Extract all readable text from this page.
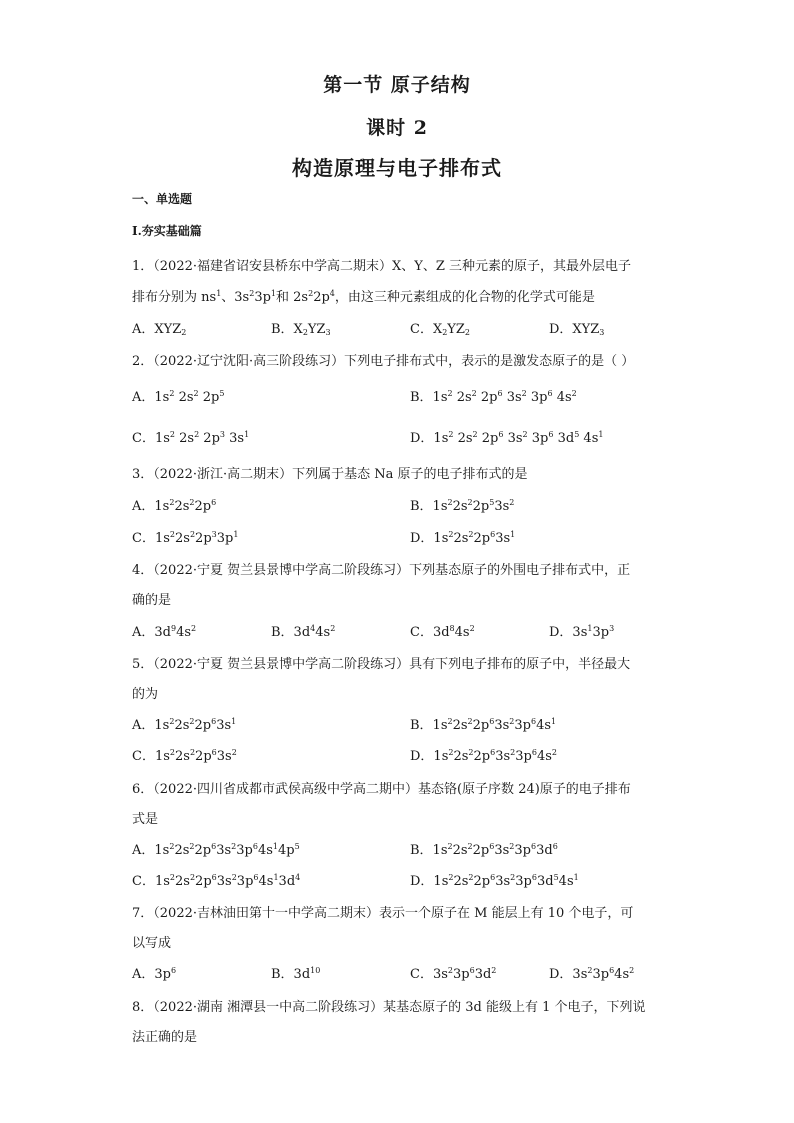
第一节 原子结构
课时 2
构造原理与电子排布式
一、单选题
Ⅰ.夯实基础篇
1．（2022·福建省诏安县桥东中学高二期末）X、Y、Z 三种元素的原子，其最外层电子
排布分别为 $ns^1$、$3s^23p^1$和 $2s^22p^4$，由这三种元素组成的化合物的化学式可能是
A．$XYZ_2$	B．$X_2YZ_3$	C．$X_2YZ_2$	D．$XYZ_3$
2．（2022·辽宁沈阳·高三阶段练习）下列电子排布式中，表示的是激发态原子的是（ ）
A．$1s^2$ $2s^2$ $2p^5$	B．$1s^2$ $2s^2$ $2p^6$ $3s^2$ $3p^6$ $4s^2$
C．$1s^2$ $2s^2$ $2p^3$ $3s^1$	D．$1s^2$ $2s^2$ $2p^6$ $3s^2$ $3p^6$ $3d^5$ $4s^1$
3．（2022·浙江·高二期末）下列属于基态 Na 原子的电子排布式的是
A．$1s^22s^22p^6$	B．$1s^22s^22p^53s^2$
C．$1s^22s^22p^33p^1$	D．$1s^22s^22p^63s^1$
4．（2022·宁夏 贺兰县景博中学高二阶段练习）下列基态原子的外围电子排布式中，正
确的是
A．$3d^94s^2$	B．$3d^44s^2$	C．$3d^84s^2$	D．$3s^13p^3$
5．（2022·宁夏 贺兰县景博中学高二阶段练习）具有下列电子排布的原子中，半径最大
的为
A．$1s^22s^22p^63s^1$	B．$1s^22s^22p^63s^23p^64s^1$
C．$1s^22s^22p^63s^2$	D．$1s^22s^22p^63s^23p^64s^2$
6．（2022·四川省成都市武侯高级中学高二期中）基态铬(原子序数 24)原子的电子排布
式是
A．$1s^22s^22p^63s^23p^64s^14p^5$	B．$1s^22s^22p^63s^23p^63d^6$
C．$1s^22s^22p^63s^23p^64s^13d^4$	D．$1s^22s^22p^63s^23p^63d^54s^1$
7．（2022·吉林油田第十一中学高二期末）表示一个原子在 M 能层上有 10 个电子，可
以写成
A．$3p^6$	B．$3d^{10}$	C．$3s^23p^63d^2$	D．$3s^23p^64s^2$
8．（2022·湖南 湘潭县一中高二阶段练习）某基态原子的 3d 能级上有 1 个电子，下列说
法正确的是
